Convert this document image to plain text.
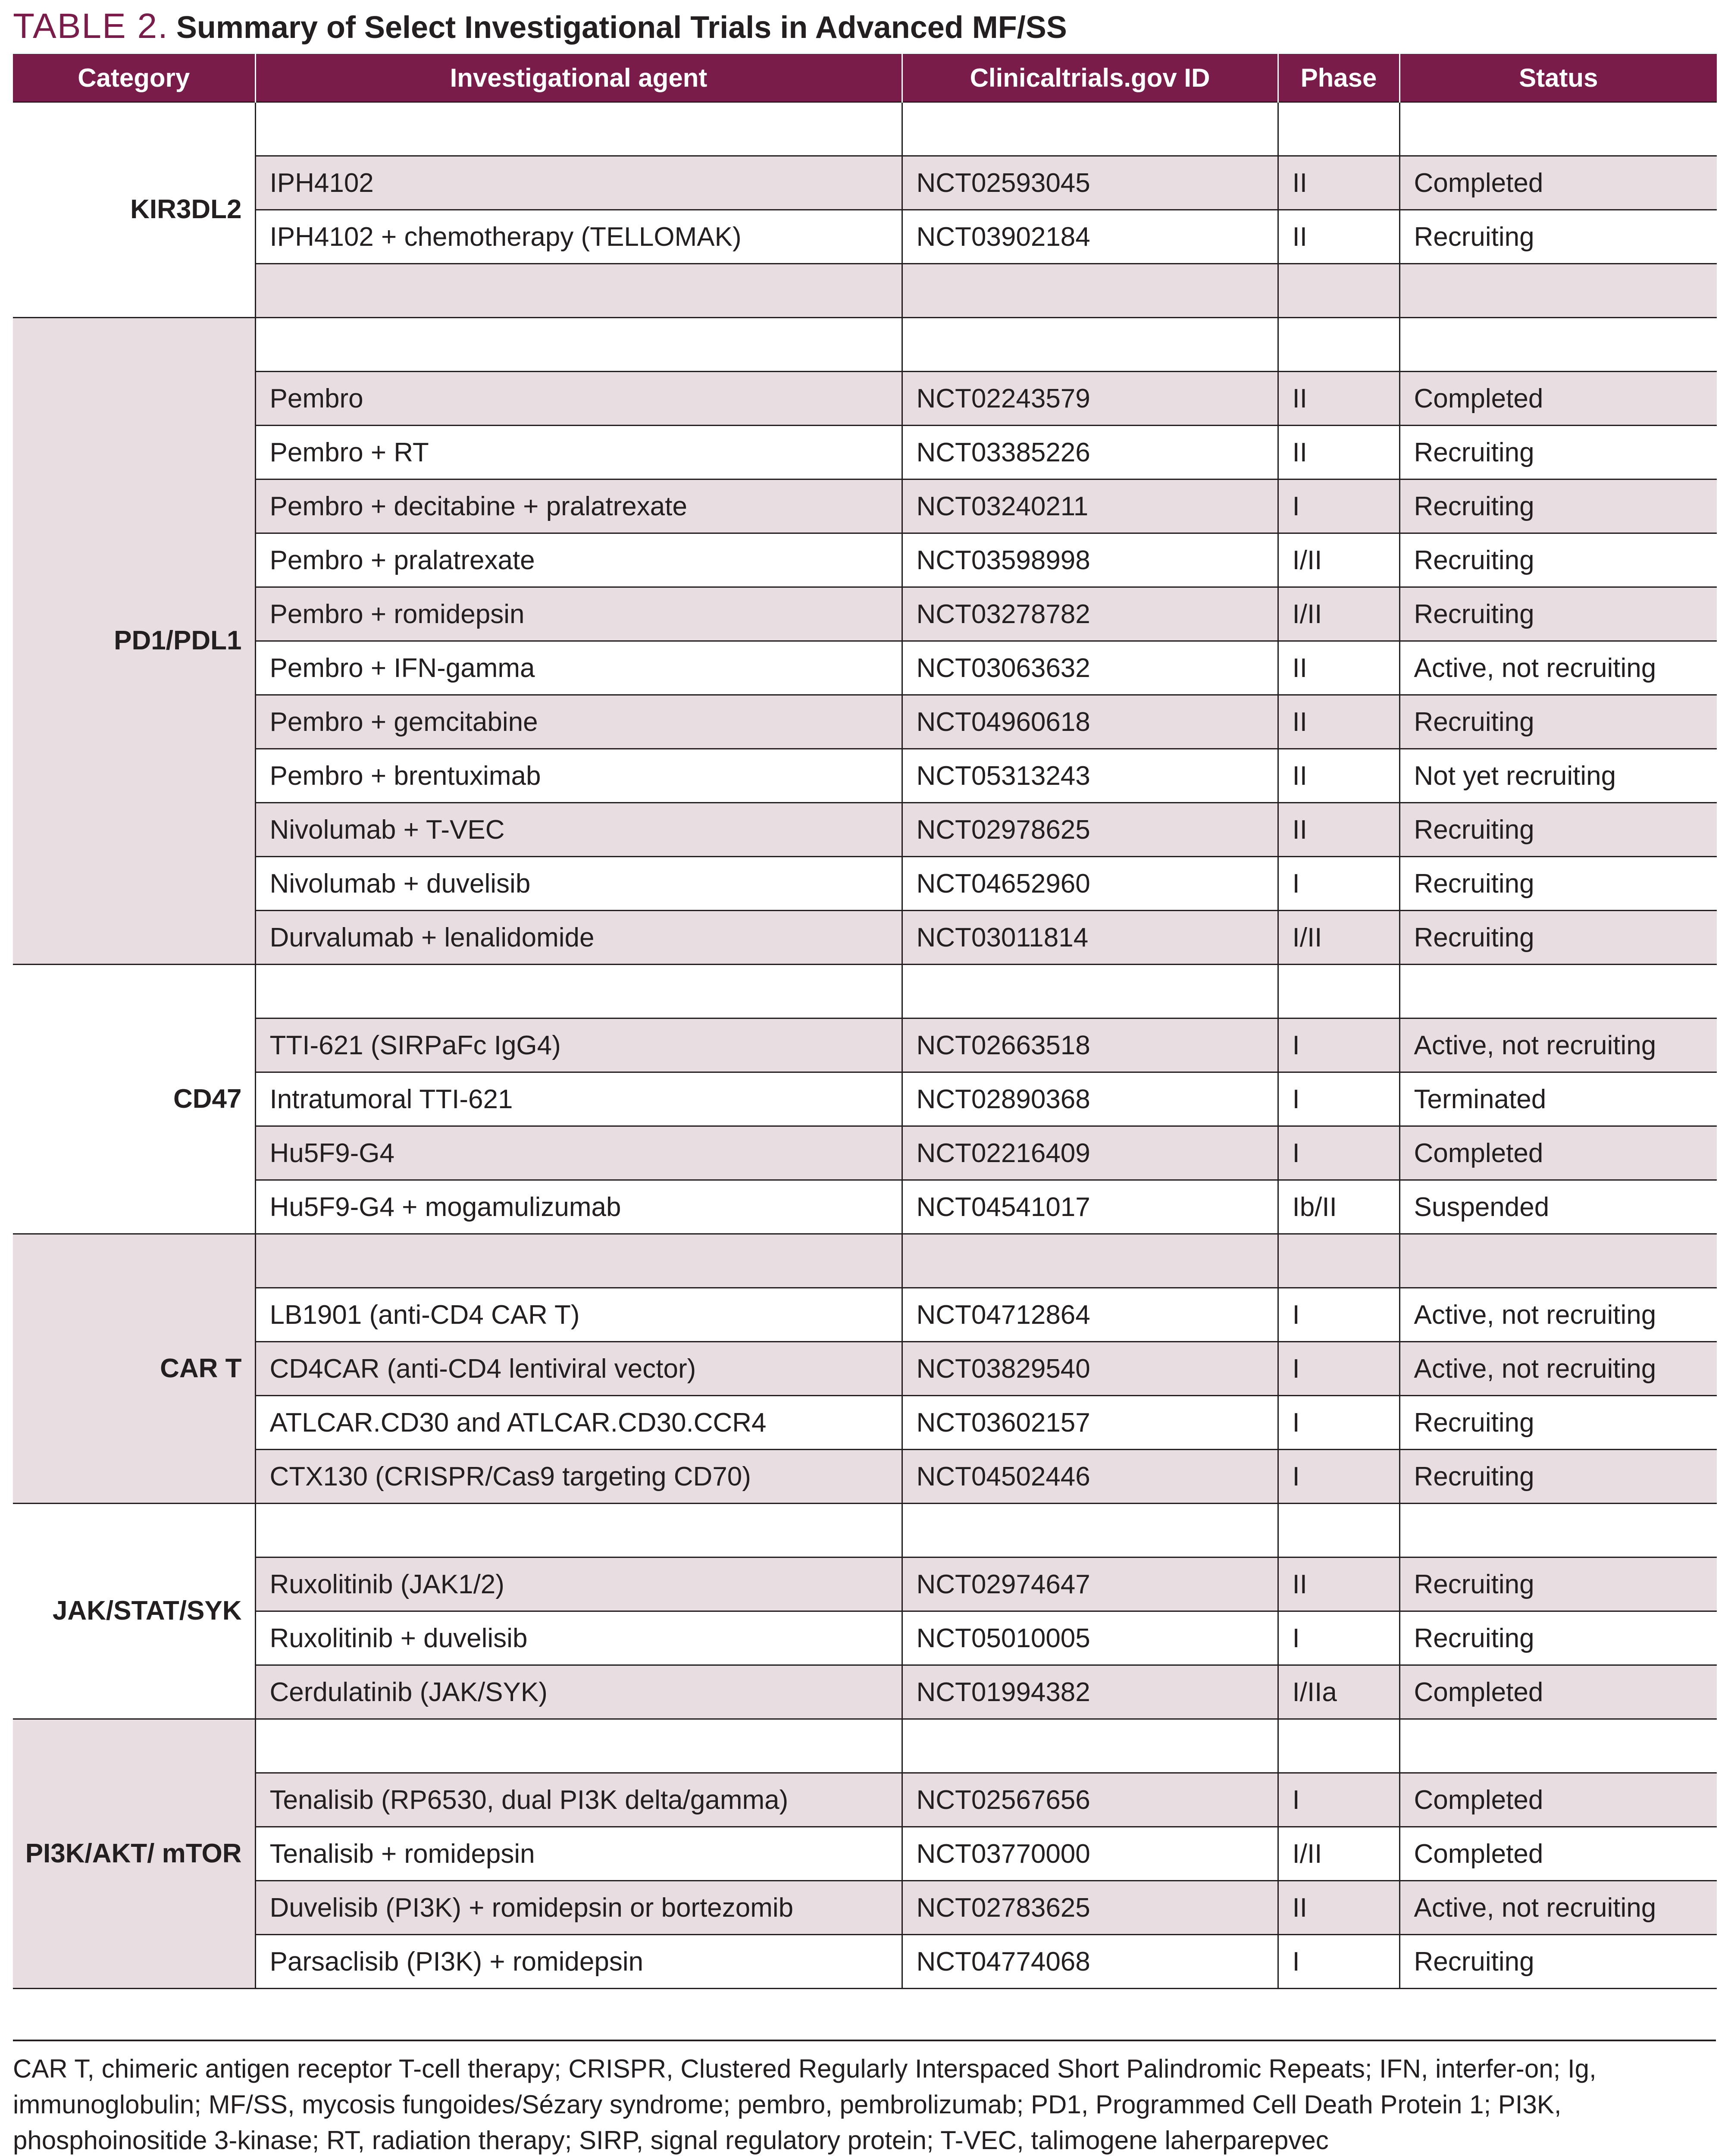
TABLE 2. Summary of Select Investigational Trials in Advanced MF/SS
Category	Investigational agent	Clinicaltrials.gov ID	Phase	Status
KIR3DL2				
	IPH4102	NCT02593045	II	Completed
	IPH4102 + chemotherapy (TELLOMAK)	NCT03902184	II	Recruiting

PD1/PDL1				
	Pembro	NCT02243579	II	Completed
	Pembro + RT	NCT03385226	II	Recruiting
	Pembro + decitabine + pralatrexate	NCT03240211	I	Recruiting
	Pembro + pralatrexate	NCT03598998	I/II	Recruiting
	Pembro + romidepsin	NCT03278782	I/II	Recruiting
	Pembro + IFN-gamma	NCT03063632	II	Active, not recruiting
	Pembro + gemcitabine	NCT04960618	II	Recruiting
	Pembro + brentuximab	NCT05313243	II	Not yet recruiting
	Nivolumab + T-VEC	NCT02978625	II	Recruiting
	Nivolumab + duvelisib	NCT04652960	I	Recruiting
	Durvalumab + lenalidomide	NCT03011814	I/II	Recruiting
CD47				
	TTI-621 (SIRPaFc IgG4)	NCT02663518	I	Active, not recruiting
	Intratumoral TTI-621	NCT02890368	I	Terminated
	Hu5F9-G4	NCT02216409	I	Completed
	Hu5F9-G4 + mogamulizumab	NCT04541017	Ib/II	Suspended
CAR T				
	LB1901 (anti-CD4 CAR T)	NCT04712864	I	Active, not recruiting
	CD4CAR (anti-CD4 lentiviral vector)	NCT03829540	I	Active, not recruiting
	ATLCAR.CD30 and ATLCAR.CD30.CCR4	NCT03602157	I	Recruiting
	CTX130 (CRISPR/Cas9 targeting CD70)	NCT04502446	I	Recruiting
JAK/STAT/SYK				
	Ruxolitinib (JAK1/2)	NCT02974647	II	Recruiting
	Ruxolitinib + duvelisib	NCT05010005	I	Recruiting
	Cerdulatinib (JAK/SYK)	NCT01994382	I/IIa	Completed
PI3K/AKT/ mTOR				
	Tenalisib (RP6530, dual PI3K delta/gamma)	NCT02567656	I	Completed
	Tenalisib + romidepsin	NCT03770000	I/II	Completed
	Duvelisib (PI3K) + romidepsin or bortezomib	NCT02783625	II	Active, not recruiting
	Parsaclisib (PI3K) + romidepsin	NCT04774068	I	Recruiting
CAR T, chimeric antigen receptor T-cell therapy; CRISPR, Clustered Regularly Interspaced Short Palindromic Repeats; IFN, interfer-on; Ig, immunoglobulin; MF/SS, mycosis fungoides/Sézary syndrome; pembro, pembrolizumab; PD1, Programmed Cell Death Protein 1; PI3K, phosphoinositide 3-kinase; RT, radiation therapy; SIRP, signal regulatory protein; T-VEC, talimogene laherparepvec
